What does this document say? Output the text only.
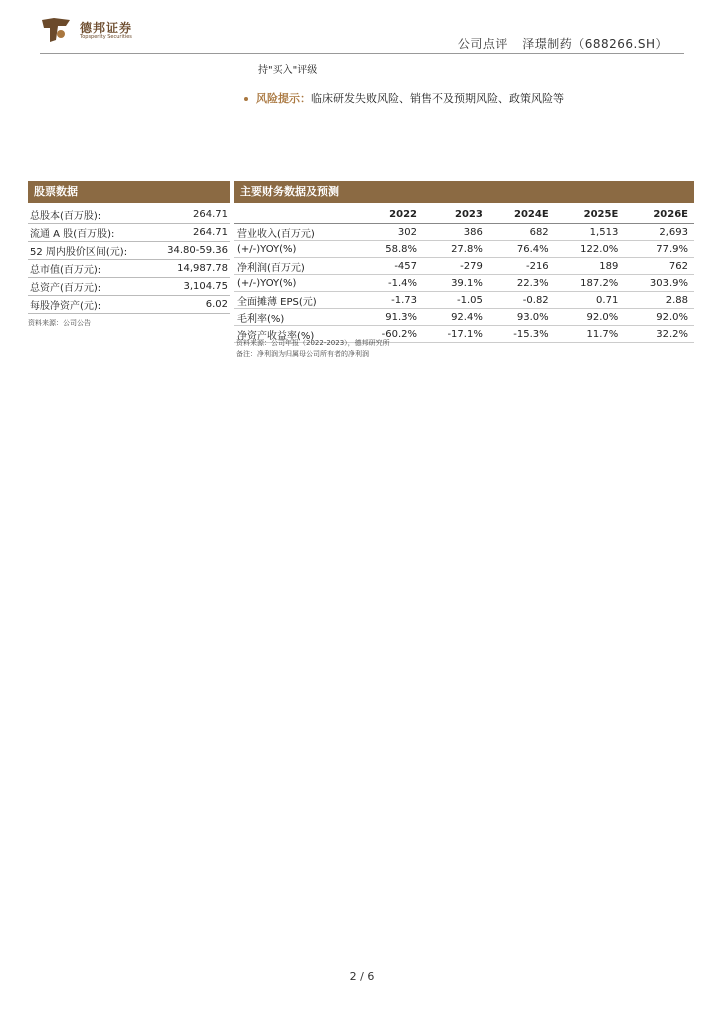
德邦证券
Topsperity Securities	公司点评 泽璟制药（688266.SH）
持"买入"评级
风险提示：临床研发失败风险、销售不及预期风险、政策风险等
股票数据
总股本(百万股):	264.71
流通 A 股(百万股):	264.71
52 周内股价区间(元):	34.80-59.36
总市值(百万元):	14,987.78
总资产(百万元):	3,104.75
每股净资产(元):	6.02
资料来源：公司公告
主要财务数据及预测
	2022	2023	2024E	2025E	2026E
营业收入(百万元)	302	386	682	1,513	2,693
(+/-)YOY(%)	58.8%	27.8%	76.4%	122.0%	77.9%
净利润(百万元)	-457	-279	-216	189	762
(+/-)YOY(%)	-1.4%	39.1%	22.3%	187.2%	303.9%
全面摊薄 EPS(元)	-1.73	-1.05	-0.82	0.71	2.88
毛利率(%)	91.3%	92.4%	93.0%	92.0%	92.0%
净资产收益率(%)	-60.2%	-17.1%	-15.3%	11.7%	32.2%
资料来源：公司年报（2022-2023），德邦研究所
备注：净利润为归属母公司所有者的净利润
2 / 6
